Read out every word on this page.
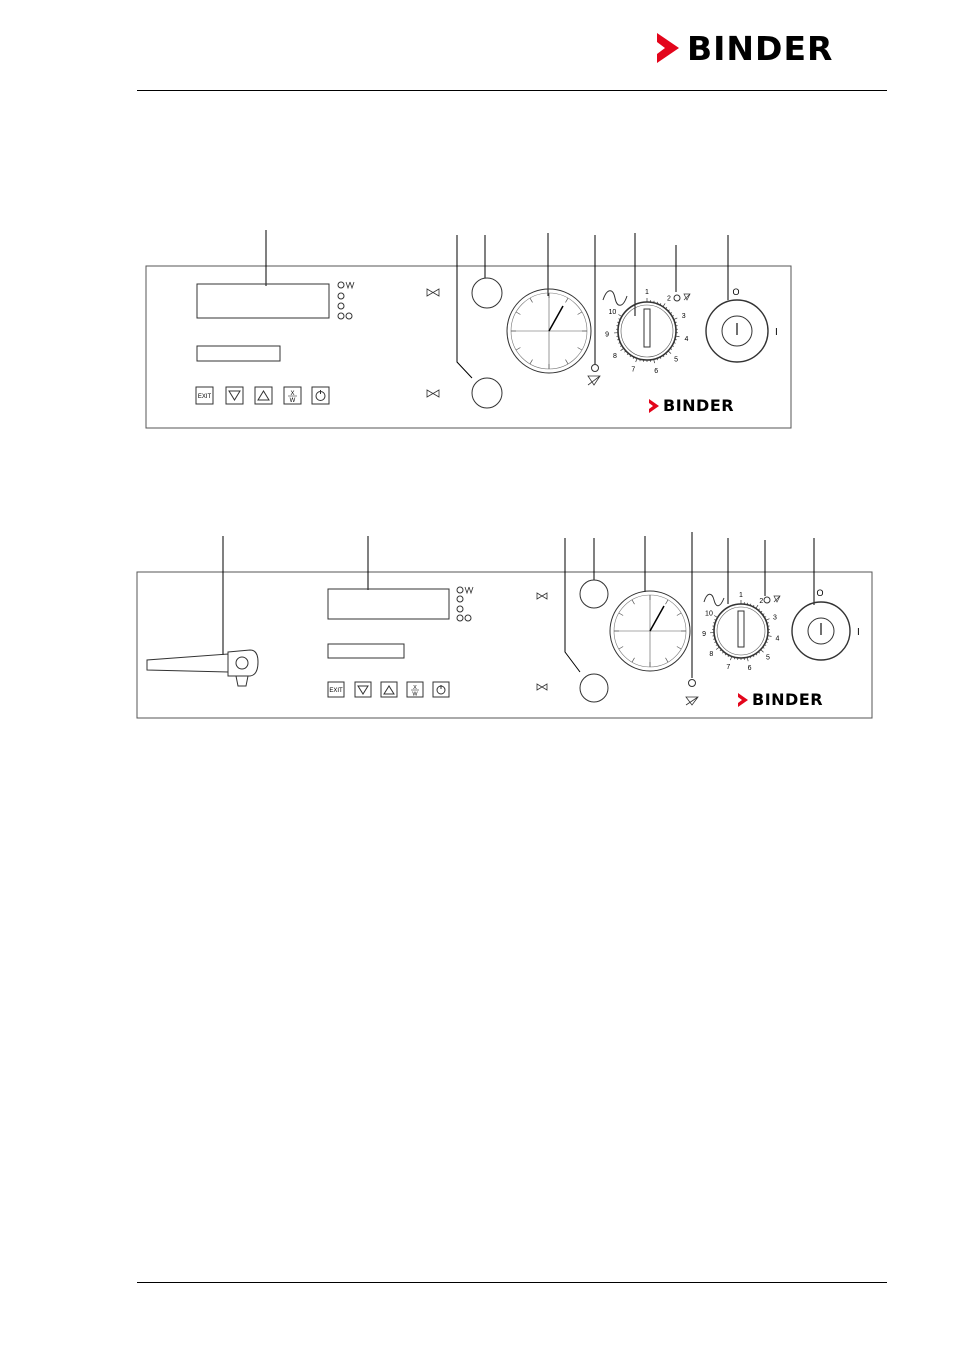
BINDER
EXIT	X
W
1
2
3
4
5
6
7
8
9
10
O
I
BINDER
EXIT	X
W
1
2
3
4
5
6
7
8
9
10
O
I
BINDER
